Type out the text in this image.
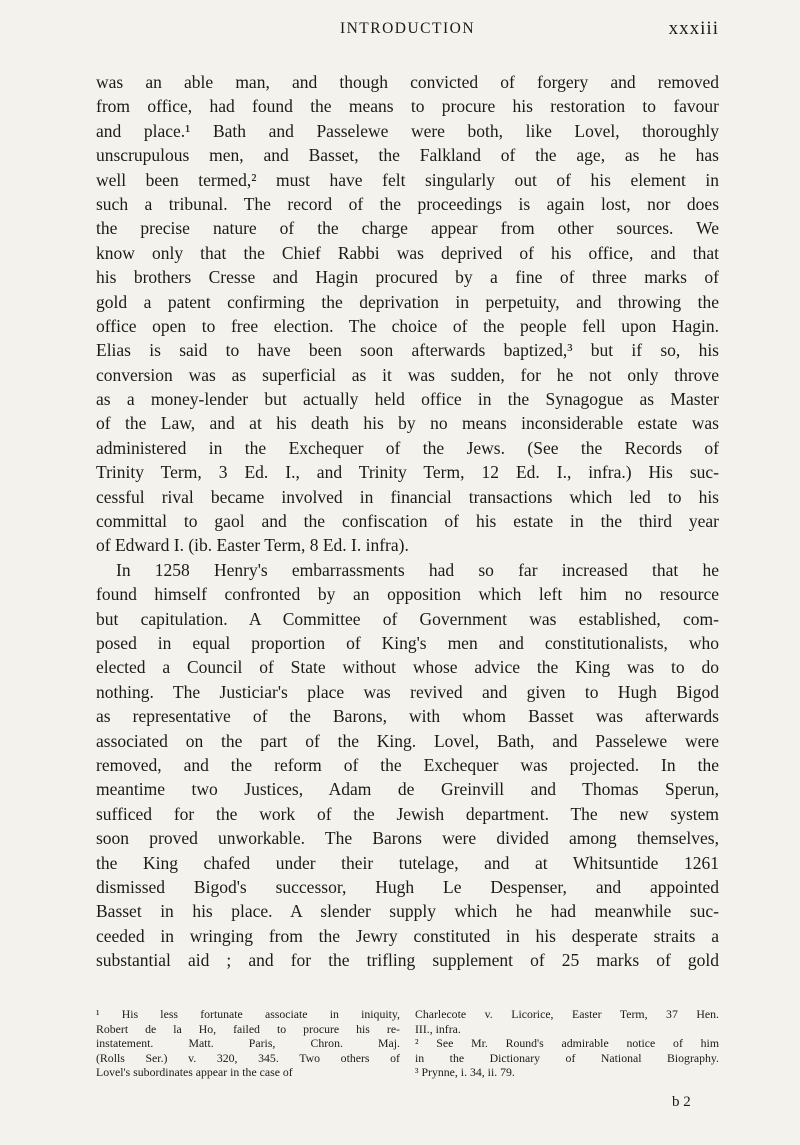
INTRODUCTION	xxxiii
was an able man, and though convicted of forgery and removed
from office, had found the means to procure his restoration to favour
and place.¹ Bath and Passelewe were both, like Lovel, thoroughly
unscrupulous men, and Basset, the Falkland of the age, as he has
well been termed,² must have felt singularly out of his element in
such a tribunal. The record of the proceedings is again lost, nor does
the precise nature of the charge appear from other sources. We
know only that the Chief Rabbi was deprived of his office, and that
his brothers Cresse and Hagin procured by a fine of three marks of
gold a patent confirming the deprivation in perpetuity, and throwing the
office open to free election. The choice of the people fell upon Hagin.
Elias is said to have been soon afterwards baptized,³ but if so, his
conversion was as superficial as it was sudden, for he not only throve
as a money-lender but actually held office in the Synagogue as Master
of the Law, and at his death his by no means inconsiderable estate was
administered in the Exchequer of the Jews. (See the Records of
Trinity Term, 3 Ed. I., and Trinity Term, 12 Ed. I., infra.) His suc-
cessful rival became involved in financial transactions which led to his
committal to gaol and the confiscation of his estate in the third year
of Edward I. (ib. Easter Term, 8 Ed. I. infra).
In 1258 Henry's embarrassments had so far increased that he
found himself confronted by an opposition which left him no resource
but capitulation. A Committee of Government was established, com-
posed in equal proportion of King's men and constitutionalists, who
elected a Council of State without whose advice the King was to do
nothing. The Justiciar's place was revived and given to Hugh Bigod
as representative of the Barons, with whom Basset was afterwards
associated on the part of the King. Lovel, Bath, and Passelewe were
removed, and the reform of the Exchequer was projected. In the
meantime two Justices, Adam de Greinvill and Thomas Sperun,
sufficed for the work of the Jewish department. The new system
soon proved unworkable. The Barons were divided among themselves,
the King chafed under their tutelage, and at Whitsuntide 1261
dismissed Bigod's successor, Hugh Le Despenser, and appointed
Basset in his place. A slender supply which he had meanwhile suc-
ceeded in wringing from the Jewry constituted in his desperate straits a
substantial aid ; and for the trifling supplement of 25 marks of gold
¹ His less fortunate associate in iniquity,
Robert de la Ho, failed to procure his re-
instatement. Matt. Paris, Chron. Maj.
(Rolls Ser.) v. 320, 345. Two others of
Lovel's subordinates appear in the case of
Charlecote v. Licorice, Easter Term, 37 Hen.
III., infra.
² See Mr. Round's admirable notice of him
in the Dictionary of National Biography.
³ Prynne, i. 34, ii. 79.
b 2
